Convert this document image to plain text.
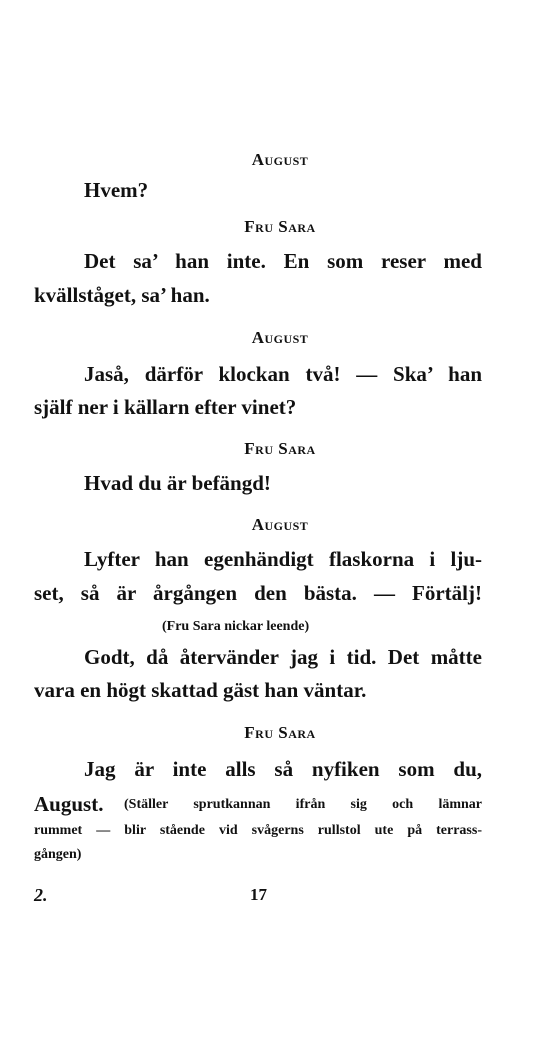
August
Hvem?
Fru Sara
Det sa’ han inte. En som reser med
kvällståget, sa’ han.
August
Jaså, därför klockan två! — Ska’ han
själf ner i källarn efter vinet?
Fru Sara
Hvad du är befängd!
August
Lyfter han egenhändigt flaskorna i lju-
set, så är årgången den bästa. — Förtälj!
(Fru Sara nickar leende)
Godt, då återvänder jag i tid. Det måtte
vara en högt skattad gäst han väntar.
Fru Sara
Jag är inte alls så nyfiken som du,
August. (Ställer sprutkannan ifrån sig och lämnar
rummet — blir stående vid svågerns rullstol ute på terrass-
gången)
2.	17
